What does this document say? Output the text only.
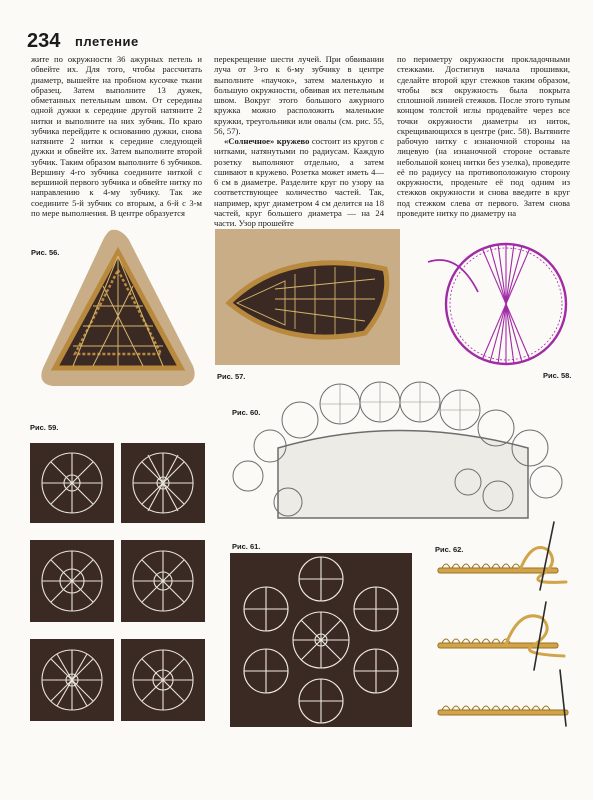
234 плетение

жите по окружности 36 ажурных петель и обвейте их. Для того, чтобы рассчитать диаметр, вышейте на пробном кусочке ткани образец. Затем выполните 13 дужек, обметанных петельным швом. От середины одной дужки к середине другой натяните 2 нитки и выполните на них зубчик. По краю зубчика перейдите к основанию дужки, снова натяните 2 нитки к середине следующей дужки и обвейте их. Затем выполните второй зубчик. Таким образом выполните 6 зубчиков. Вершину 4-го зубчика соедините ниткой с вершиной первого зубчика и обвейте нитку по направлению к 4-му зубчику. Так же соедините 5-й зубчик со вторым, а 6-й с 3-м по мере выполнения. В центре образуется

перекрещение шести лучей. При обвивании луча от 3-го к 6-му зубчику в центре выполните «паучок», затем маленькую и большую окружности, обвивая их петельным швом. Вокруг этого большого ажурного кружка можно расположить маленькие кружки, треугольники или овалы (см. рис. 55, 56, 57).

«Солнечное» кружево состоит из кругов с нитками, натянутыми по радиусам. Каждую розетку выполняют отдельно, а затем сшивают в кружево. Розетка может иметь 4—6 см в диаметре. Разделите круг по узору на соответствующее количество частей. Так, например, круг диаметром 4 см делится на 18 частей, круг большего диаметра — на 24 части. Узор прошейте

по периметру окружности прокладочными стежками. Достигнув начала прошивки, сделайте второй круг стежков таким образом, чтобы вся окружность была покрыта сплошной линией стежков. После этого тупым концом толстой иглы продевайте через все точки окружности диаметры из ниток, скрещивающихся в центре (рис. 58). Вытяните рабочую нитку с изнаночной стороны на лицевую (на изнаночной стороне оставьте небольшой конец нитки без узелка), проведите её по радиусу на противоположную сторону окружности, проденьте её под одним из стежков окружности и снова введите в круг под стежком слева от первого. Затем снова проведите нитку по диаметру на

Рис. 56.
Рис. 57.	Рис. 58.
Рис. 59.
Рис. 60.
Рис. 61.	Рис. 62.
